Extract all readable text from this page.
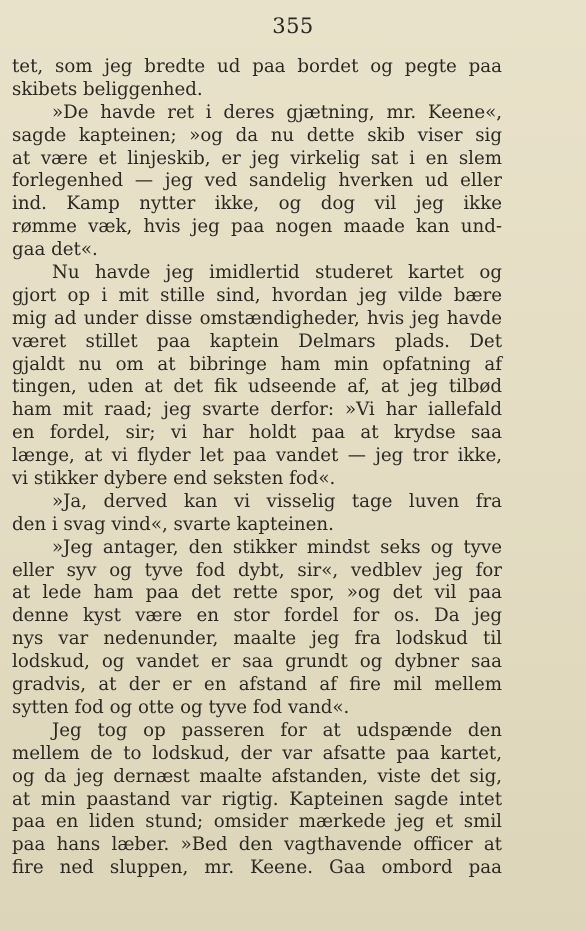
355
tet, som jeg bredte ud paa bordet og pegte paa
skibets beliggenhed.
»De havde ret i deres gjætning, mr. Keene«,
sagde kapteinen; »og da nu dette skib viser sig
at være et linjeskib, er jeg virkelig sat i en slem
forlegenhed — jeg ved sandelig hverken ud eller
ind. Kamp nytter ikke, og dog vil jeg ikke
rømme væk, hvis jeg paa nogen maade kan und-
gaa det«.
Nu havde jeg imidlertid studeret kartet og
gjort op i mit stille sind, hvordan jeg vilde bære
mig ad under disse omstændigheder, hvis jeg havde
været stillet paa kaptein Delmars plads. Det
gjaldt nu om at bibringe ham min opfatning af
tingen, uden at det fik udseende af, at jeg tilbød
ham mit raad; jeg svarte derfor: »Vi har iallefald
en fordel, sir; vi har holdt paa at krydse saa
længe, at vi flyder let paa vandet — jeg tror ikke,
vi stikker dybere end seksten fod«.
»Ja, derved kan vi visselig tage luven fra
den i svag vind«, svarte kapteinen.
»Jeg antager, den stikker mindst seks og tyve
eller syv og tyve fod dybt, sir«, vedblev jeg for
at lede ham paa det rette spor, »og det vil paa
denne kyst være en stor fordel for os. Da jeg
nys var nedenunder, maalte jeg fra lodskud til
lodskud, og vandet er saa grundt og dybner saa
gradvis, at der er en afstand af fire mil mellem
sytten fod og otte og tyve fod vand«.
Jeg tog op passeren for at udspænde den
mellem de to lodskud, der var afsatte paa kartet,
og da jeg dernæst maalte afstanden, viste det sig,
at min paastand var rigtig. Kapteinen sagde intet
paa en liden stund; omsider mærkede jeg et smil
paa hans læber. »Bed den vagthavende officer at
fire ned sluppen, mr. Keene. Gaa ombord paa
